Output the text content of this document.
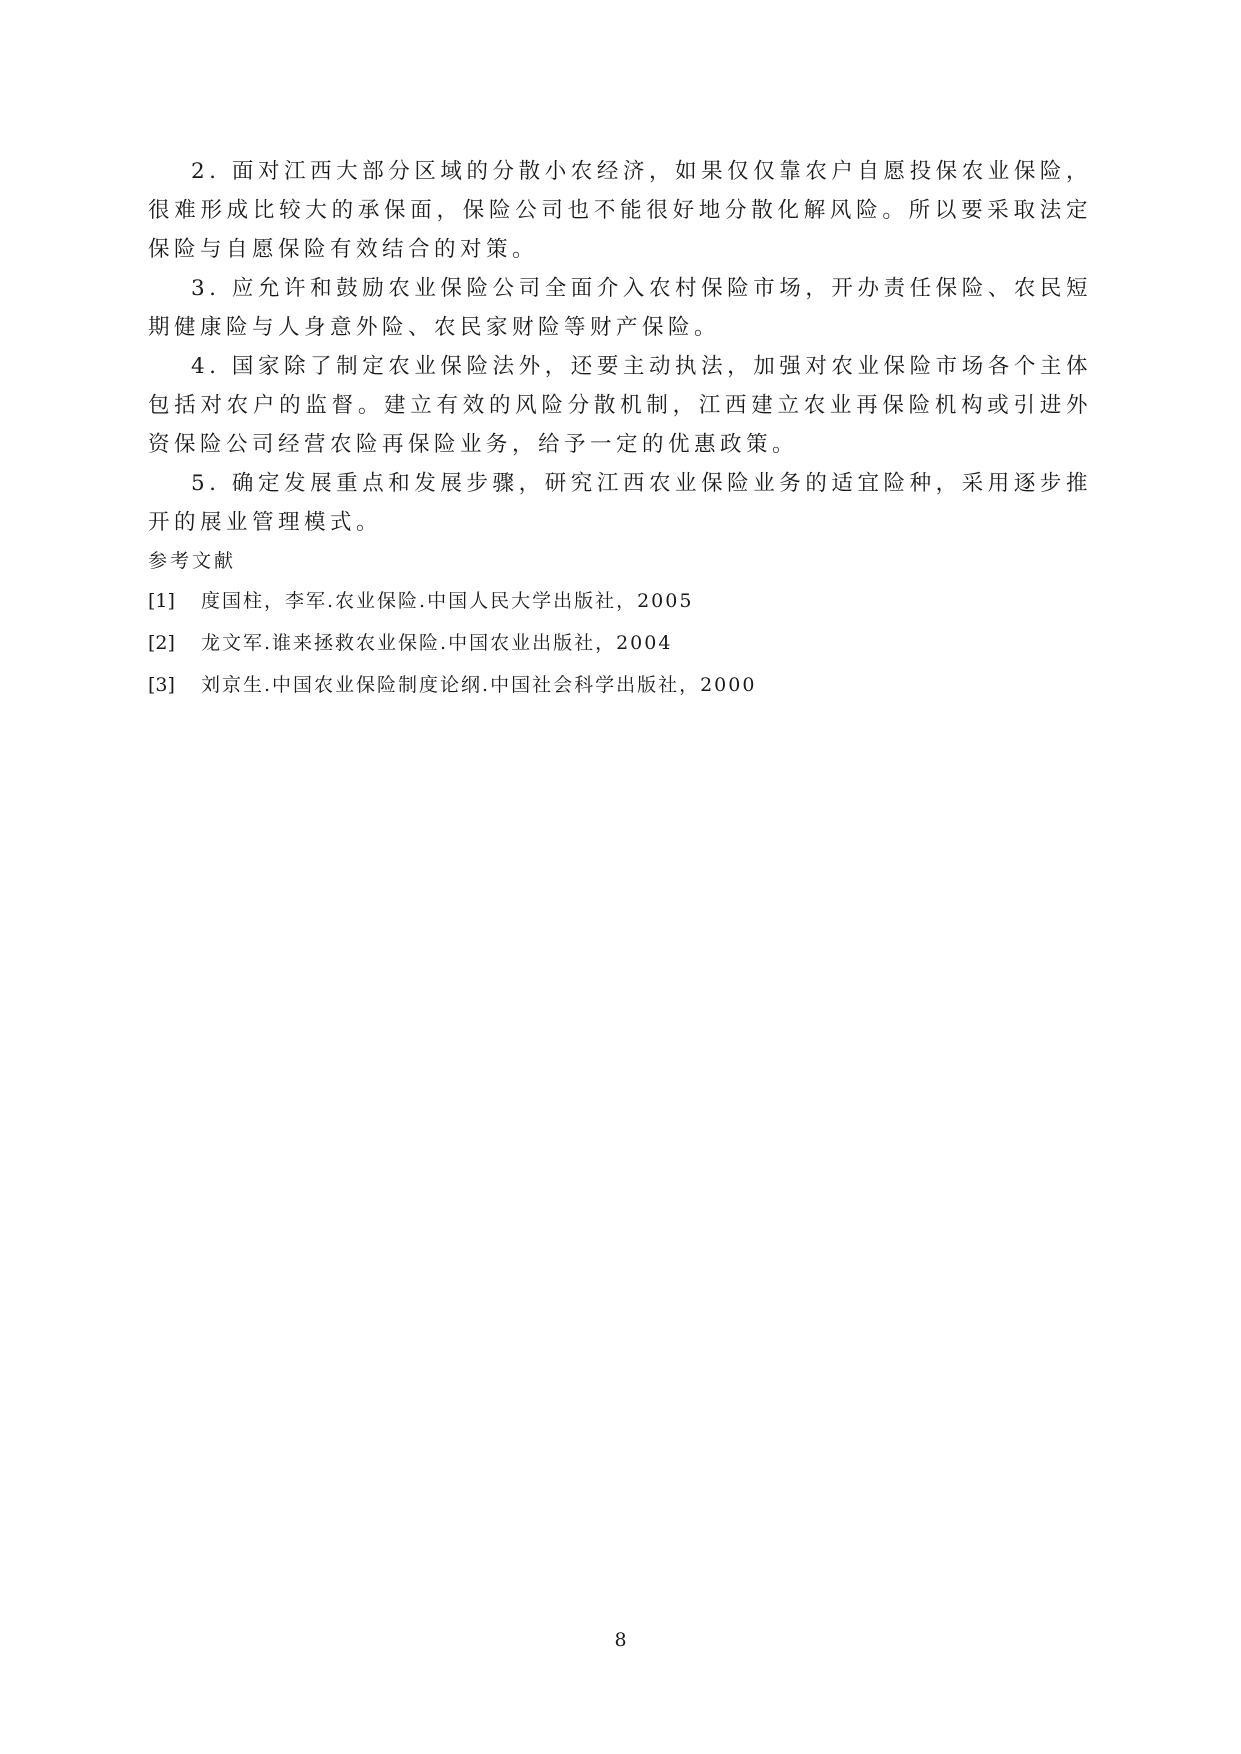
2. 面对江西大部分区域的分散小农经济，如果仅仅靠农户自愿投保农业保险，很难形成比较大的承保面，保险公司也不能很好地分散化解风险。所以要采取法定保险与自愿保险有效结合的对策。

3. 应允许和鼓励农业保险公司全面介入农村保险市场，开办责任保险、农民短期健康险与人身意外险、农民家财险等财产保险。

4. 国家除了制定农业保险法外，还要主动执法，加强对农业保险市场各个主体包括对农户的监督。建立有效的风险分散机制，江西建立农业再保险机构或引进外资保险公司经营农险再保险业务，给予一定的优惠政策。

5. 确定发展重点和发展步骤，研究江西农业保险业务的适宜险种，采用逐步推开的展业管理模式。

参考文献
[1]	度国柱，李军.农业保险.中国人民大学出版社，2005
[2]	龙文军.谁来拯救农业保险.中国农业出版社，2004
[3]	刘京生.中国农业保险制度论纲.中国社会科学出版社，2000
8
